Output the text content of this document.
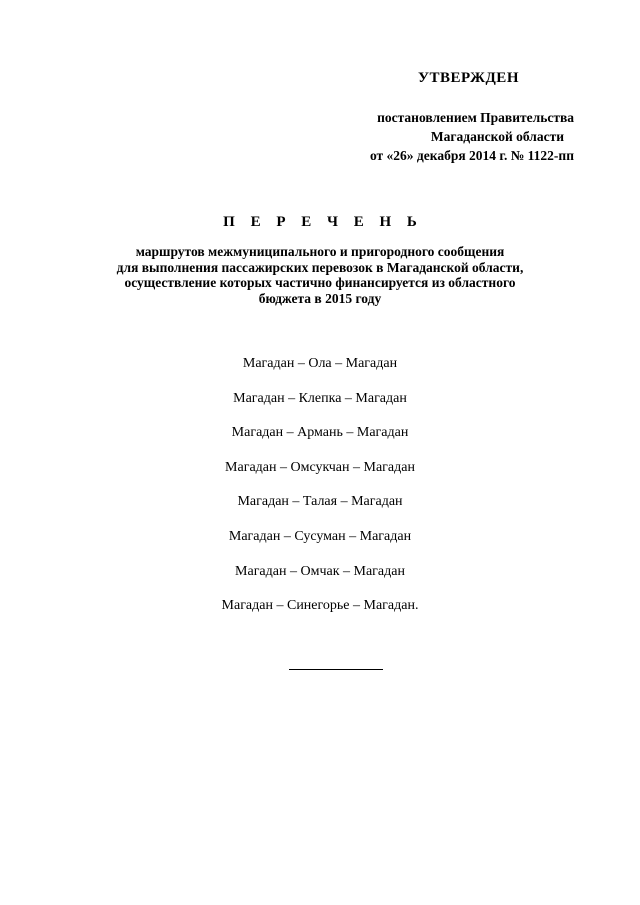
УТВЕРЖДЕН
постановлением Правительства
Магаданской области
от «26» декабря 2014 г. № 1122-пп
П Е Р Е Ч Е Н Ь
маршрутов межмуниципального и пригородного сообщения
для выполнения пассажирских перевозок в Магаданской области,
осуществление которых частично финансируется из областного
бюджета в 2015 году
Магадан – Ола – Магадан
Магадан – Клепка – Магадан
Магадан – Армань – Магадан
Магадан – Омсукчан – Магадан
Магадан – Талая – Магадан
Магадан – Сусуман – Магадан
Магадан – Омчак – Магадан
Магадан – Синегорье – Магадан.
